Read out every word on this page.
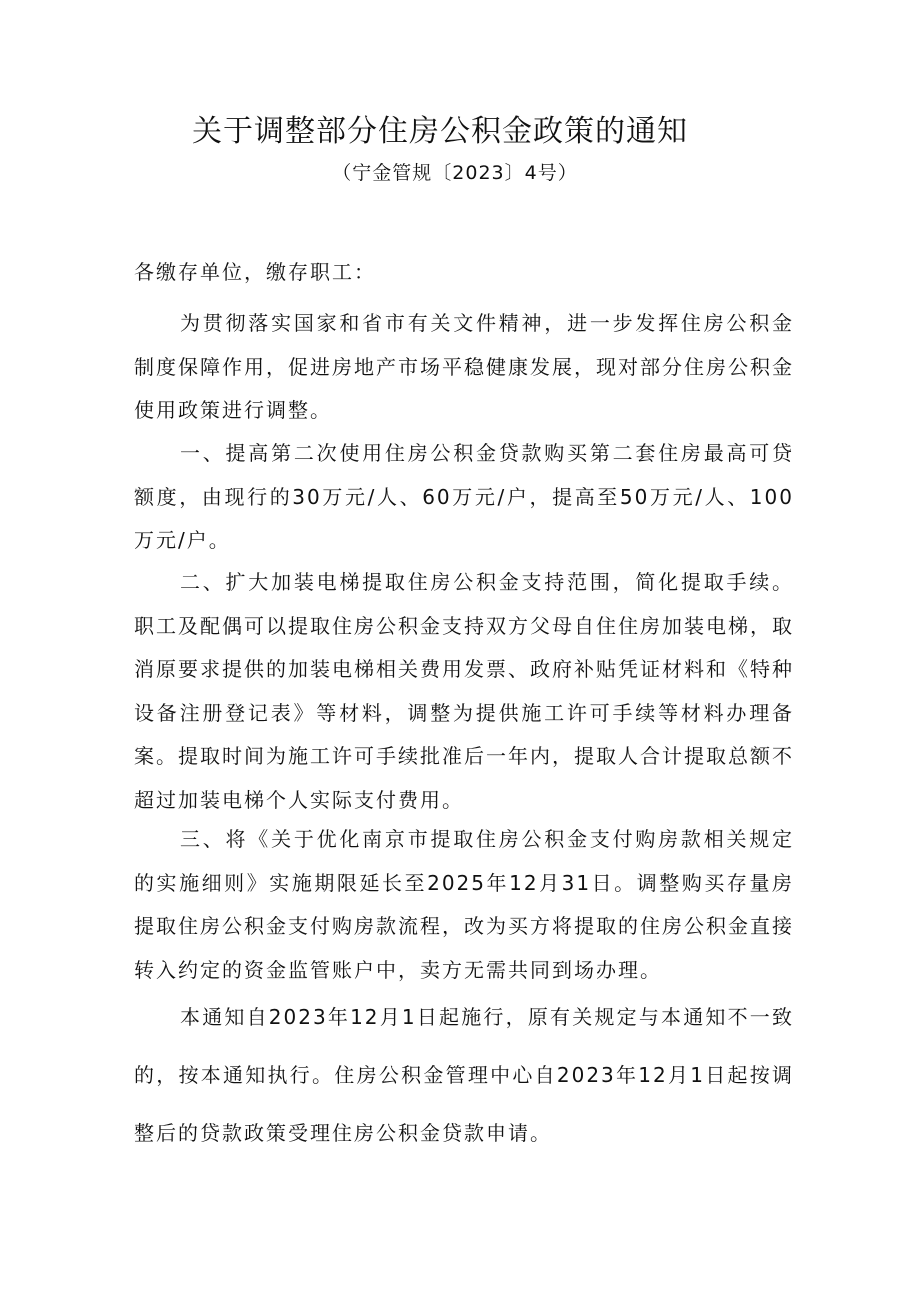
关于调整部分住房公积金政策的通知
（宁金管规〔2023〕4号）
各缴存单位，缴存职工：

为贯彻落实国家和省市有关文件精神，进一步发挥住房公积金制度保障作用，促进房地产市场平稳健康发展，现对部分住房公积金使用政策进行调整。

一、提高第二次使用住房公积金贷款购买第二套住房最高可贷额度，由现行的30万元/人、60万元/户，提高至50万元/人、100万元/户。

二、扩大加装电梯提取住房公积金支持范围，简化提取手续。职工及配偶可以提取住房公积金支持双方父母自住住房加装电梯，取消原要求提供的加装电梯相关费用发票、政府补贴凭证材料和《特种设备注册登记表》等材料，调整为提供施工许可手续等材料办理备案。提取时间为施工许可手续批准后一年内，提取人合计提取总额不超过加装电梯个人实际支付费用。

三、将《关于优化南京市提取住房公积金支付购房款相关规定的实施细则》实施期限延长至2025年12月31日。调整购买存量房提取住房公积金支付购房款流程，改为买方将提取的住房公积金直接转入约定的资金监管账户中，卖方无需共同到场办理。

本通知自2023年12月1日起施行，原有关规定与本通知不一致的，按本通知执行。住房公积金管理中心自2023年12月1日起按调整后的贷款政策受理住房公积金贷款申请。
